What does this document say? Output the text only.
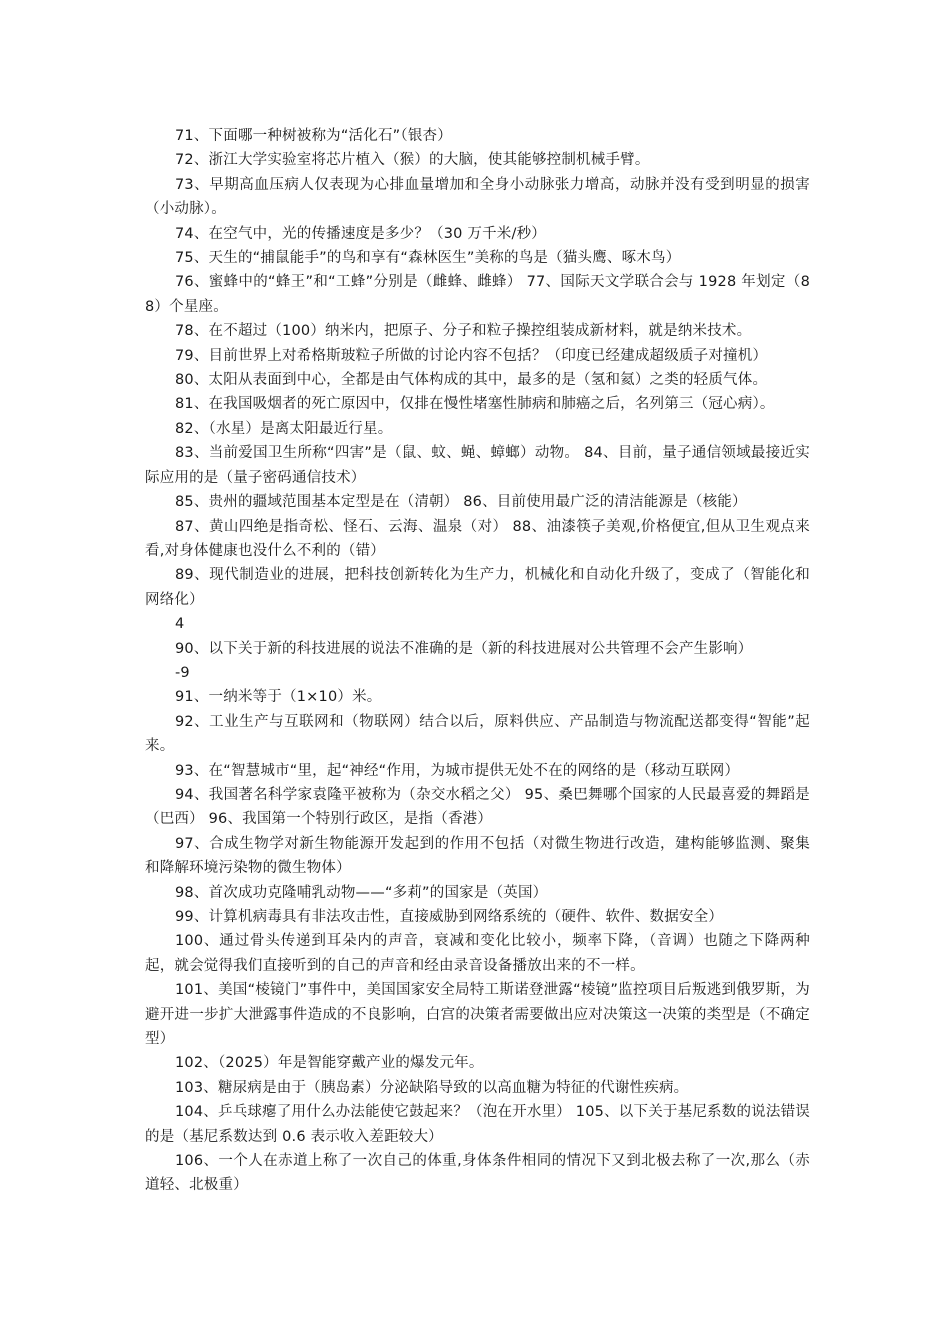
71、下面哪一种树被称为“活化石”（银杏）

72、浙江大学实验室将芯片植入（猴）的大脑，使其能够控制机械手臂。

73、早期高血压病人仅表现为心排血量增加和全身小动脉张力增高，动脉并没有受到明显的损害（小动脉）。

74、在空气中，光的传播速度是多少？（30 万千米/秒）

75、天生的“捕鼠能手”的鸟和享有“森林医生”美称的鸟是（猫头鹰、啄木鸟）

76、蜜蜂中的“蜂王”和“工蜂”分别是（雌蜂、雌蜂） 77、国际天文学联合会与 1928 年划定（88）个星座。

78、在不超过（100）纳米内，把原子、分子和粒子操控组装成新材料，就是纳米技术。

79、目前世界上对希格斯玻粒子所做的讨论内容不包括？（印度已经建成超级质子对撞机）

80、太阳从表面到中心，全都是由气体构成的其中，最多的是（氢和氦）之类的轻质气体。

81、在我国吸烟者的死亡原因中，仅排在慢性堵塞性肺病和肺癌之后，名列第三（冠心病）。

82、（水星）是离太阳最近行星。

83、当前爱国卫生所称“四害”是（鼠、蚊、蝇、蟑螂）动物。 84、目前，量子通信领域最接近实际应用的是（量子密码通信技术）

85、贵州的疆域范围基本定型是在（清朝） 86、目前使用最广泛的清洁能源是（核能）

87、黄山四绝是指奇松、怪石、云海、温泉（对） 88、油漆筷子美观,价格便宜,但从卫生观点来看,对身体健康也没什么不利的（错）

89、现代制造业的进展，把科技创新转化为生产力，机械化和自动化升级了，变成了（智能化和网络化）

4

90、以下关于新的科技进展的说法不准确的是（新的科技进展对公共管理不会产生影响）

-9

91、一纳米等于（1×10）米。

92、工业生产与互联网和（物联网）结合以后，原料供应、产品制造与物流配送都变得“智能”起来。

93、在“智慧城市“里，起“神经“作用，为城市提供无处不在的网络的是（移动互联网）

94、我国著名科学家袁隆平被称为（杂交水稻之父） 95、桑巴舞哪个国家的人民最喜爱的舞蹈是（巴西） 96、我国第一个特别行政区，是指（香港）

97、合成生物学对新生物能源开发起到的作用不包括（对微生物进行改造，建构能够监测、聚集和降解环境污染物的微生物体）

98、首次成功克隆哺乳动物——“多莉”的国家是（英国）

99、计算机病毒具有非法攻击性，直接威胁到网络系统的（硬件、软件、数据安全）

100、通过骨头传递到耳朵内的声音，衰减和变化比较小，频率下降，（音调）也随之下降两种起，就会觉得我们直接听到的自己的声音和经由录音设备播放出来的不一样。

101、美国“棱镜门”事件中，美国国家安全局特工斯诺登泄露“棱镜”监控项目后叛逃到俄罗斯，为避开进一步扩大泄露事件造成的不良影响，白宫的决策者需要做出应对决策这一决策的类型是（不确定型）

102、（2025）年是智能穿戴产业的爆发元年。

103、糖尿病是由于（胰岛素）分泌缺陷导致的以高血糖为特征的代谢性疾病。

104、乒乓球瘪了用什么办法能使它鼓起来？（泡在开水里） 105、以下关于基尼系数的说法错误的是（基尼系数达到 0.6 表示收入差距较大）

106、一个人在赤道上称了一次自己的体重,身体条件相同的情况下又到北极去称了一次,那么（赤道轻、北极重）
